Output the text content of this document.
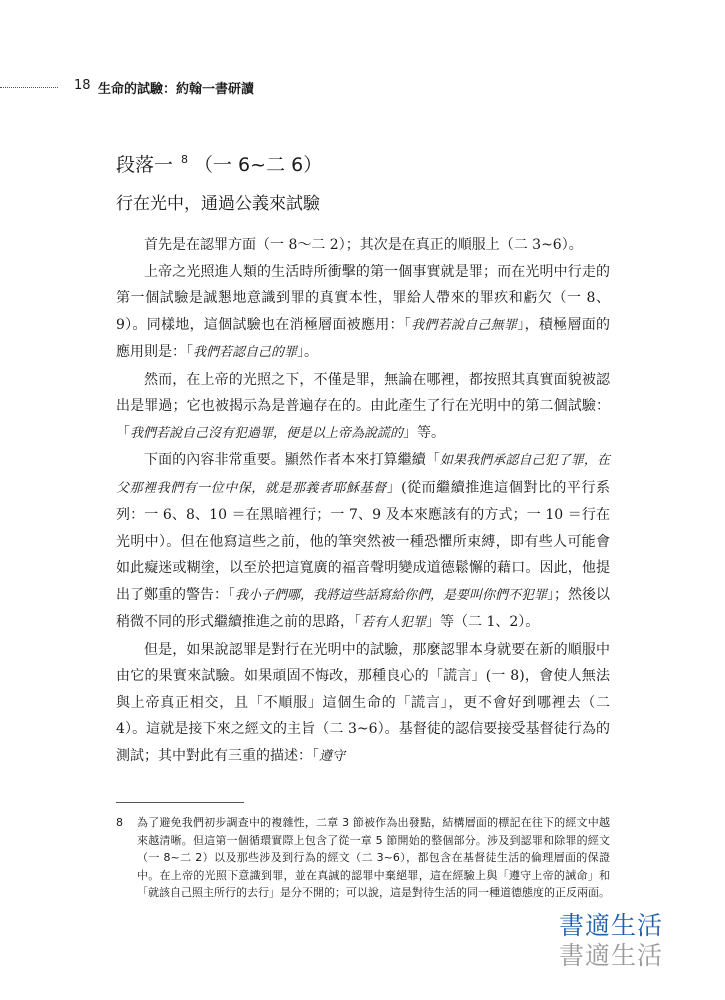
18 生命的試驗：約翰一書研讀
段落一 $^8$ （一 6~二 6）
行在光中，通過公義來試驗

首先是在認罪方面（一 8～二 2）；其次是在真正的順服上（二 3~6）。

上帝之光照進人類的生活時所衝擊的第一個事實就是罪；而在光明中行走的第一個試驗是誠懇地意識到罪的真實本性，罪給人帶來的罪疚和虧欠（一 8、9）。同樣地，這個試驗也在消極層面被應用：「我們若說自己無罪」，積極層面的應用則是：「我們若認自己的罪」。

然而，在上帝的光照之下，不僅是罪，無論在哪裡，都按照其真實面貌被認出是罪過；它也被揭示為是普遍存在的。由此產生了行在光明中的第二個試驗：「我們若說自己沒有犯過罪，便是以上帝為說謊的」等。

下面的內容非常重要。顯然作者本來打算繼續「如果我們承認自己犯了罪，在父那裡我們有一位中保，就是那義者耶穌基督」(從而繼續推進這個對比的平行系列：一 6、8、10 ＝在黑暗裡行；一 7、9 及本來應該有的方式；一 10 ＝行在光明中）。但在他寫這些之前，他的筆突然被一種恐懼所束縛，即有些人可能會如此癡迷或糊塗，以至於把這寬廣的福音聲明變成道德鬆懈的藉口。因此，他提出了鄭重的警告：「我小子們哪，我將這些話寫給你們，是要叫你們不犯罪」；然後以稍微不同的形式繼續推進之前的思路，「若有人犯罪」等（二 1、2）。

但是，如果說認罪是對行在光明中的試驗，那麼認罪本身就要在新的順服中由它的果實來試驗。如果頑固不悔改，那種良心的「謊言」(一 8)，會使人無法與上帝真正相交，且「不順服」這個生命的「謊言」，更不會好到哪裡去（二 4）。這就是接下來之經文的主旨（二 3~6）。基督徒的認信要接受基督徒行為的測試；其中對此有三重的描述：「遵守

8 為了避免我們初步調查中的複雜性，二章 3 節被作為出發點，結構層面的標記在往下的經文中越來越清晰。但這第一個循環實際上包含了從一章 5 節開始的整個部分。涉及到認罪和除罪的經文（一 8~二 2）以及那些涉及到行為的經文（二 3~6），都包含在基督徒生活的倫理層面的保證中。在上帝的光照下意識到罪，並在真誠的認罪中棄絕罪，這在經驗上與「遵守上帝的誡命」和「就該自己照主所行的去行」是分不開的；可以說，這是對待生活的同一種道德態度的正反兩面。
書適生活
書適生活
